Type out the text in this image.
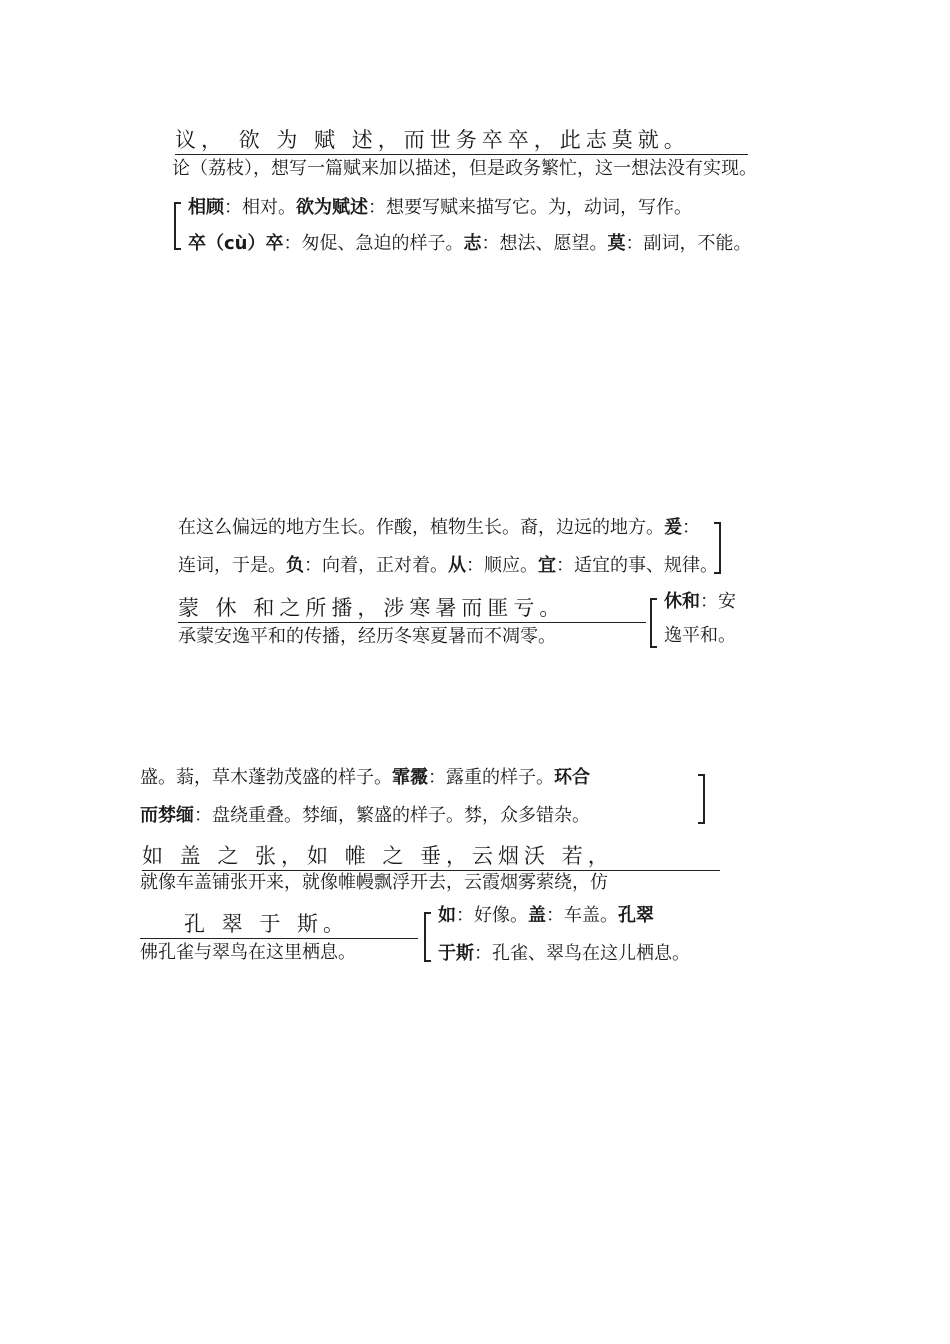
议， 欲 为 赋 述，而世务卒卒，此志莫就。
论（荔枝），想写一篇赋来加以描述，但是政务繁忙，这一想法没有实现。
相顾：相对。欲为赋述：想要写赋来描写它。为，动词，写作。
卒（cù）卒：匆促、急迫的样子。志：想法、愿望。莫：副词，不能。
在这么偏远的地方生长。作酸，植物生长。裔，边远的地方。爰：
连词，于是。负：向着，正对着。从：顺应。宜：适宜的事、规律。
蒙 休 和之所播，涉寒暑而匪亏。
承蒙安逸平和的传播，经历冬寒夏暑而不凋零。
休和：安
逸平和。
盛。蓊，草木蓬勃茂盛的样子。霏霺：露重的样子。环合
而棼缅：盘绕重叠。棼缅，繁盛的样子。棼，众多错杂。
如 盖 之 张，如 帷 之 垂，云烟沃 若，
就像车盖铺张开来，就像帷幔飘浮开去，云霞烟雾萦绕，仿
孔 翠 于 斯。
佛孔雀与翠鸟在这里栖息。
如：好像。盖：车盖。孔翠
于斯：孔雀、翠鸟在这儿栖息。
